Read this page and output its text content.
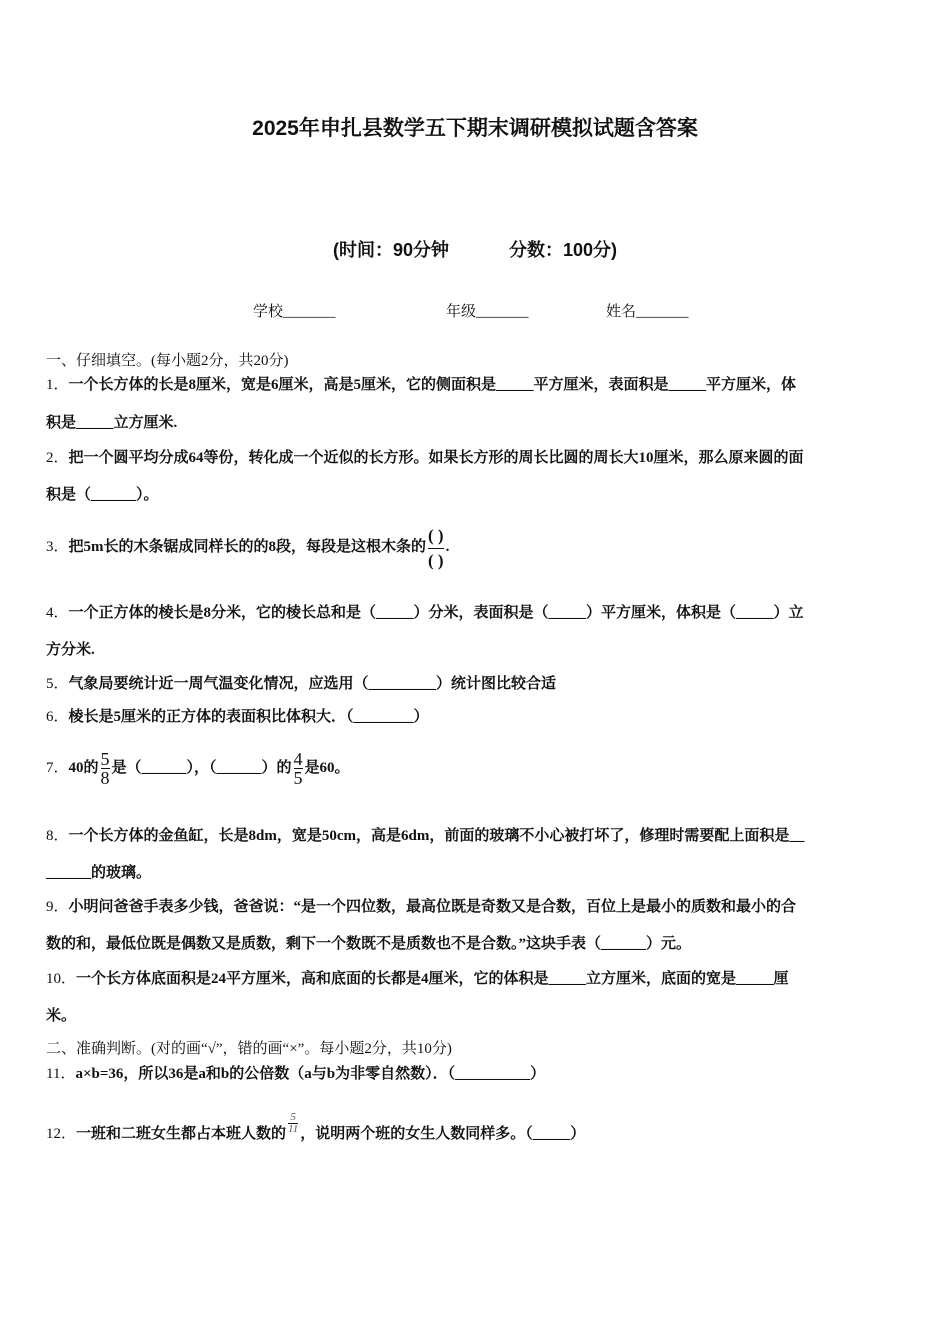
2025年申扎县数学五下期末调研模拟试题含答案
(时间：90分钟	分数：100分)
学校_______	年级_______	姓名_______
一、仔细填空。(每小题2分，共20分)
1．一个长方体的长是8厘米，宽是6厘米，高是5厘米，它的侧面积是_____平方厘米，表面积是_____平方厘米，体
积是_____立方厘米.
2．把一个圆平均分成64等份，转化成一个近似的长方形。如果长方形的周长比圆的周长大10厘米，那么原来圆的面
积是（______）。
3．把5m长的木条锯成同样长的的8段，每段是这根木条的 $\frac{( )}{( )}$ .
4．一个正方体的棱长是8分米，它的棱长总和是（_____）分米，表面积是（_____）平方厘米，体积是（_____）立
方分米.
5．气象局要统计近一周气温变化情况，应选用（_________）统计图比较合适
6．棱长是5厘米的正方体的表面积比体积大．（________）
7．40的 $\frac{5}{8}$ 是（______），（______）的 $\frac{4}{5}$ 是60。
8．一个长方体的金鱼缸，长是8dm，宽是50cm，高是6dm，前面的玻璃不小心被打坏了，修理时需要配上面积是__
______的玻璃。
9．小明问爸爸手表多少钱，爸爸说：“是一个四位数，最高位既是奇数又是合数，百位上是最小的质数和最小的合
数的和，最低位既是偶数又是质数，剩下一个数既不是质数也不是合数。”这块手表（______）元。
10．一个长方体底面积是24平方厘米，高和底面的长都是4厘米，它的体积是_____立方厘米，底面的宽是_____厘
米。
二、准确判断。(对的画“√”，错的画“×”。每小题2分，共10分)
11．a×b=36，所以36是a和b的公倍数（a与b为非零自然数）．（__________）
12．一班和二班女生都占本班人数的 $\frac{5}{11}$ ，说明两个班的女生人数同样多。（_____）
